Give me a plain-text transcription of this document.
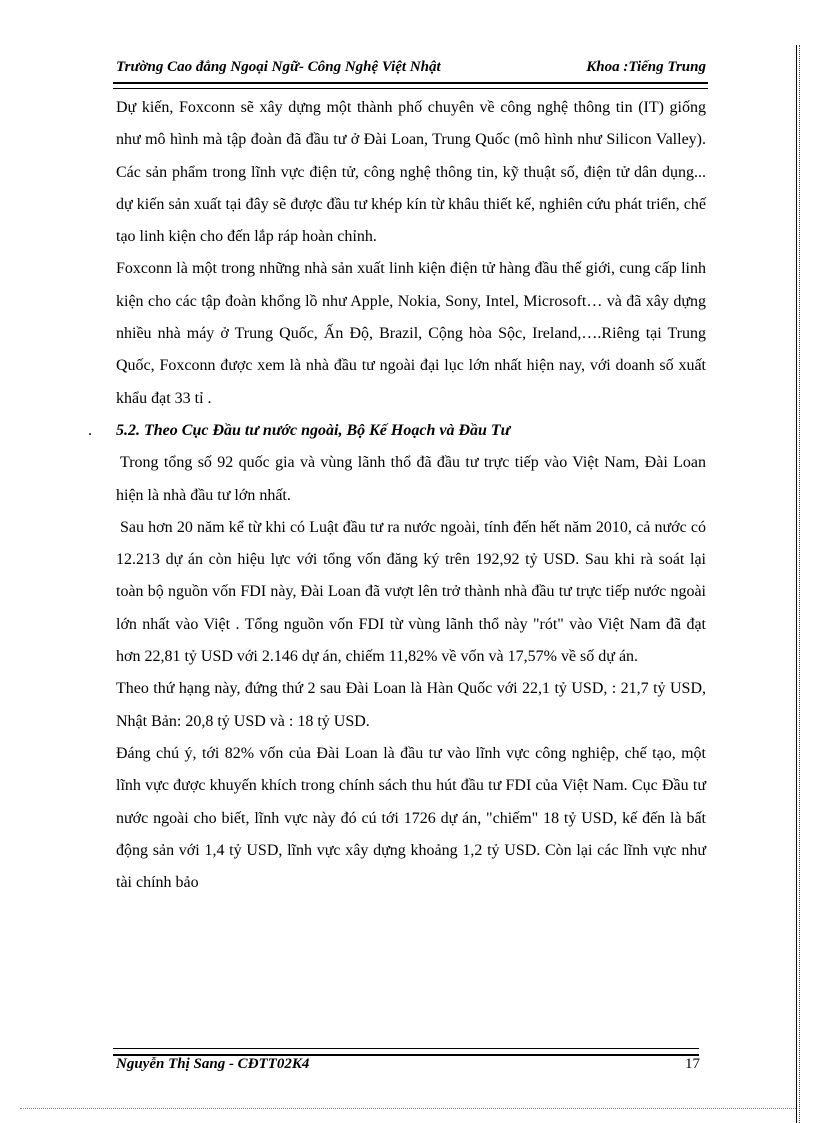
Trường Cao đẳng Ngoại Ngữ- Công Nghệ Việt Nhật	Khoa :Tiếng Trung

Dự kiến, Foxconn sẽ xây dựng một thành phố chuyên về công nghệ thông tin (IT) giống như mô hình mà tập đoàn đã đầu tư ở Đài Loan, Trung Quốc (mô hình như Silicon Valley). Các sản phẩm trong lĩnh vực điện tử, công nghệ thông tin, kỹ thuật số, điện tử dân dụng... dự kiến sản xuất tại đây sẽ được đầu tư khép kín từ khâu thiết kế, nghiên cứu phát triển, chế tạo linh kiện cho đến lắp ráp hoàn chỉnh.

Foxconn là một trong những nhà sản xuất linh kiện điện tử hàng đầu thế giới, cung cấp linh kiện cho các tập đoàn khổng lồ như Apple, Nokia, Sony, Intel, Microsoft… và đã xây dựng nhiều nhà máy ở Trung Quốc, Ấn Độ, Brazil, Cộng hòa Sộc, Ireland,….Riêng tại Trung Quốc, Foxconn được xem là nhà đầu tư ngoài đại lục lớn nhất hiện nay, với doanh số xuất khẩu đạt 33 tỉ .

. 5.2. Theo Cục Đầu tư nước ngoài, Bộ Kế Hoạch và Đầu Tư

Trong tổng số 92 quốc gia và vùng lãnh thổ đã đầu tư trực tiếp vào Việt Nam, Đài Loan hiện là nhà đầu tư lớn nhất.

Sau hơn 20 năm kể từ khi có Luật đầu tư ra nước ngoài, tính đến hết năm 2010, cả nước có 12.213 dự án còn hiệu lực với tổng vốn đăng ký trên 192,92 tỷ USD. Sau khi rà soát lại toàn bộ nguồn vốn FDI này, Đài Loan đã vượt lên trở thành nhà đầu tư trực tiếp nước ngoài lớn nhất vào Việt . Tổng nguồn vốn FDI từ vùng lãnh thổ này "rót" vào Việt Nam đã đạt hơn 22,81 tỷ USD với 2.146 dự án, chiếm 11,82% về vốn và 17,57% về số dự án.

Theo thứ hạng này, đứng thứ 2 sau Đài Loan là Hàn Quốc với 22,1 tỷ USD, : 21,7 tỷ USD, Nhật Bản: 20,8 tỷ USD và : 18 tỷ USD.

Đáng chú ý, tới 82% vốn của Đài Loan là đầu tư vào lĩnh vực công nghiệp, chế tạo, một lĩnh vực được khuyến khích trong chính sách thu hút đầu tư FDI của Việt Nam. Cục Đầu tư nước ngoài cho biết, lĩnh vực này đó cú tới 1726 dự án, "chiếm" 18 tỷ USD, kế đến là bất động sản với 1,4 tỷ USD, lĩnh vực xây dựng khoảng 1,2 tỷ USD. Còn lại các lĩnh vực như tài chính bảo

Nguyễn Thị Sang - CĐTT02K4	17
